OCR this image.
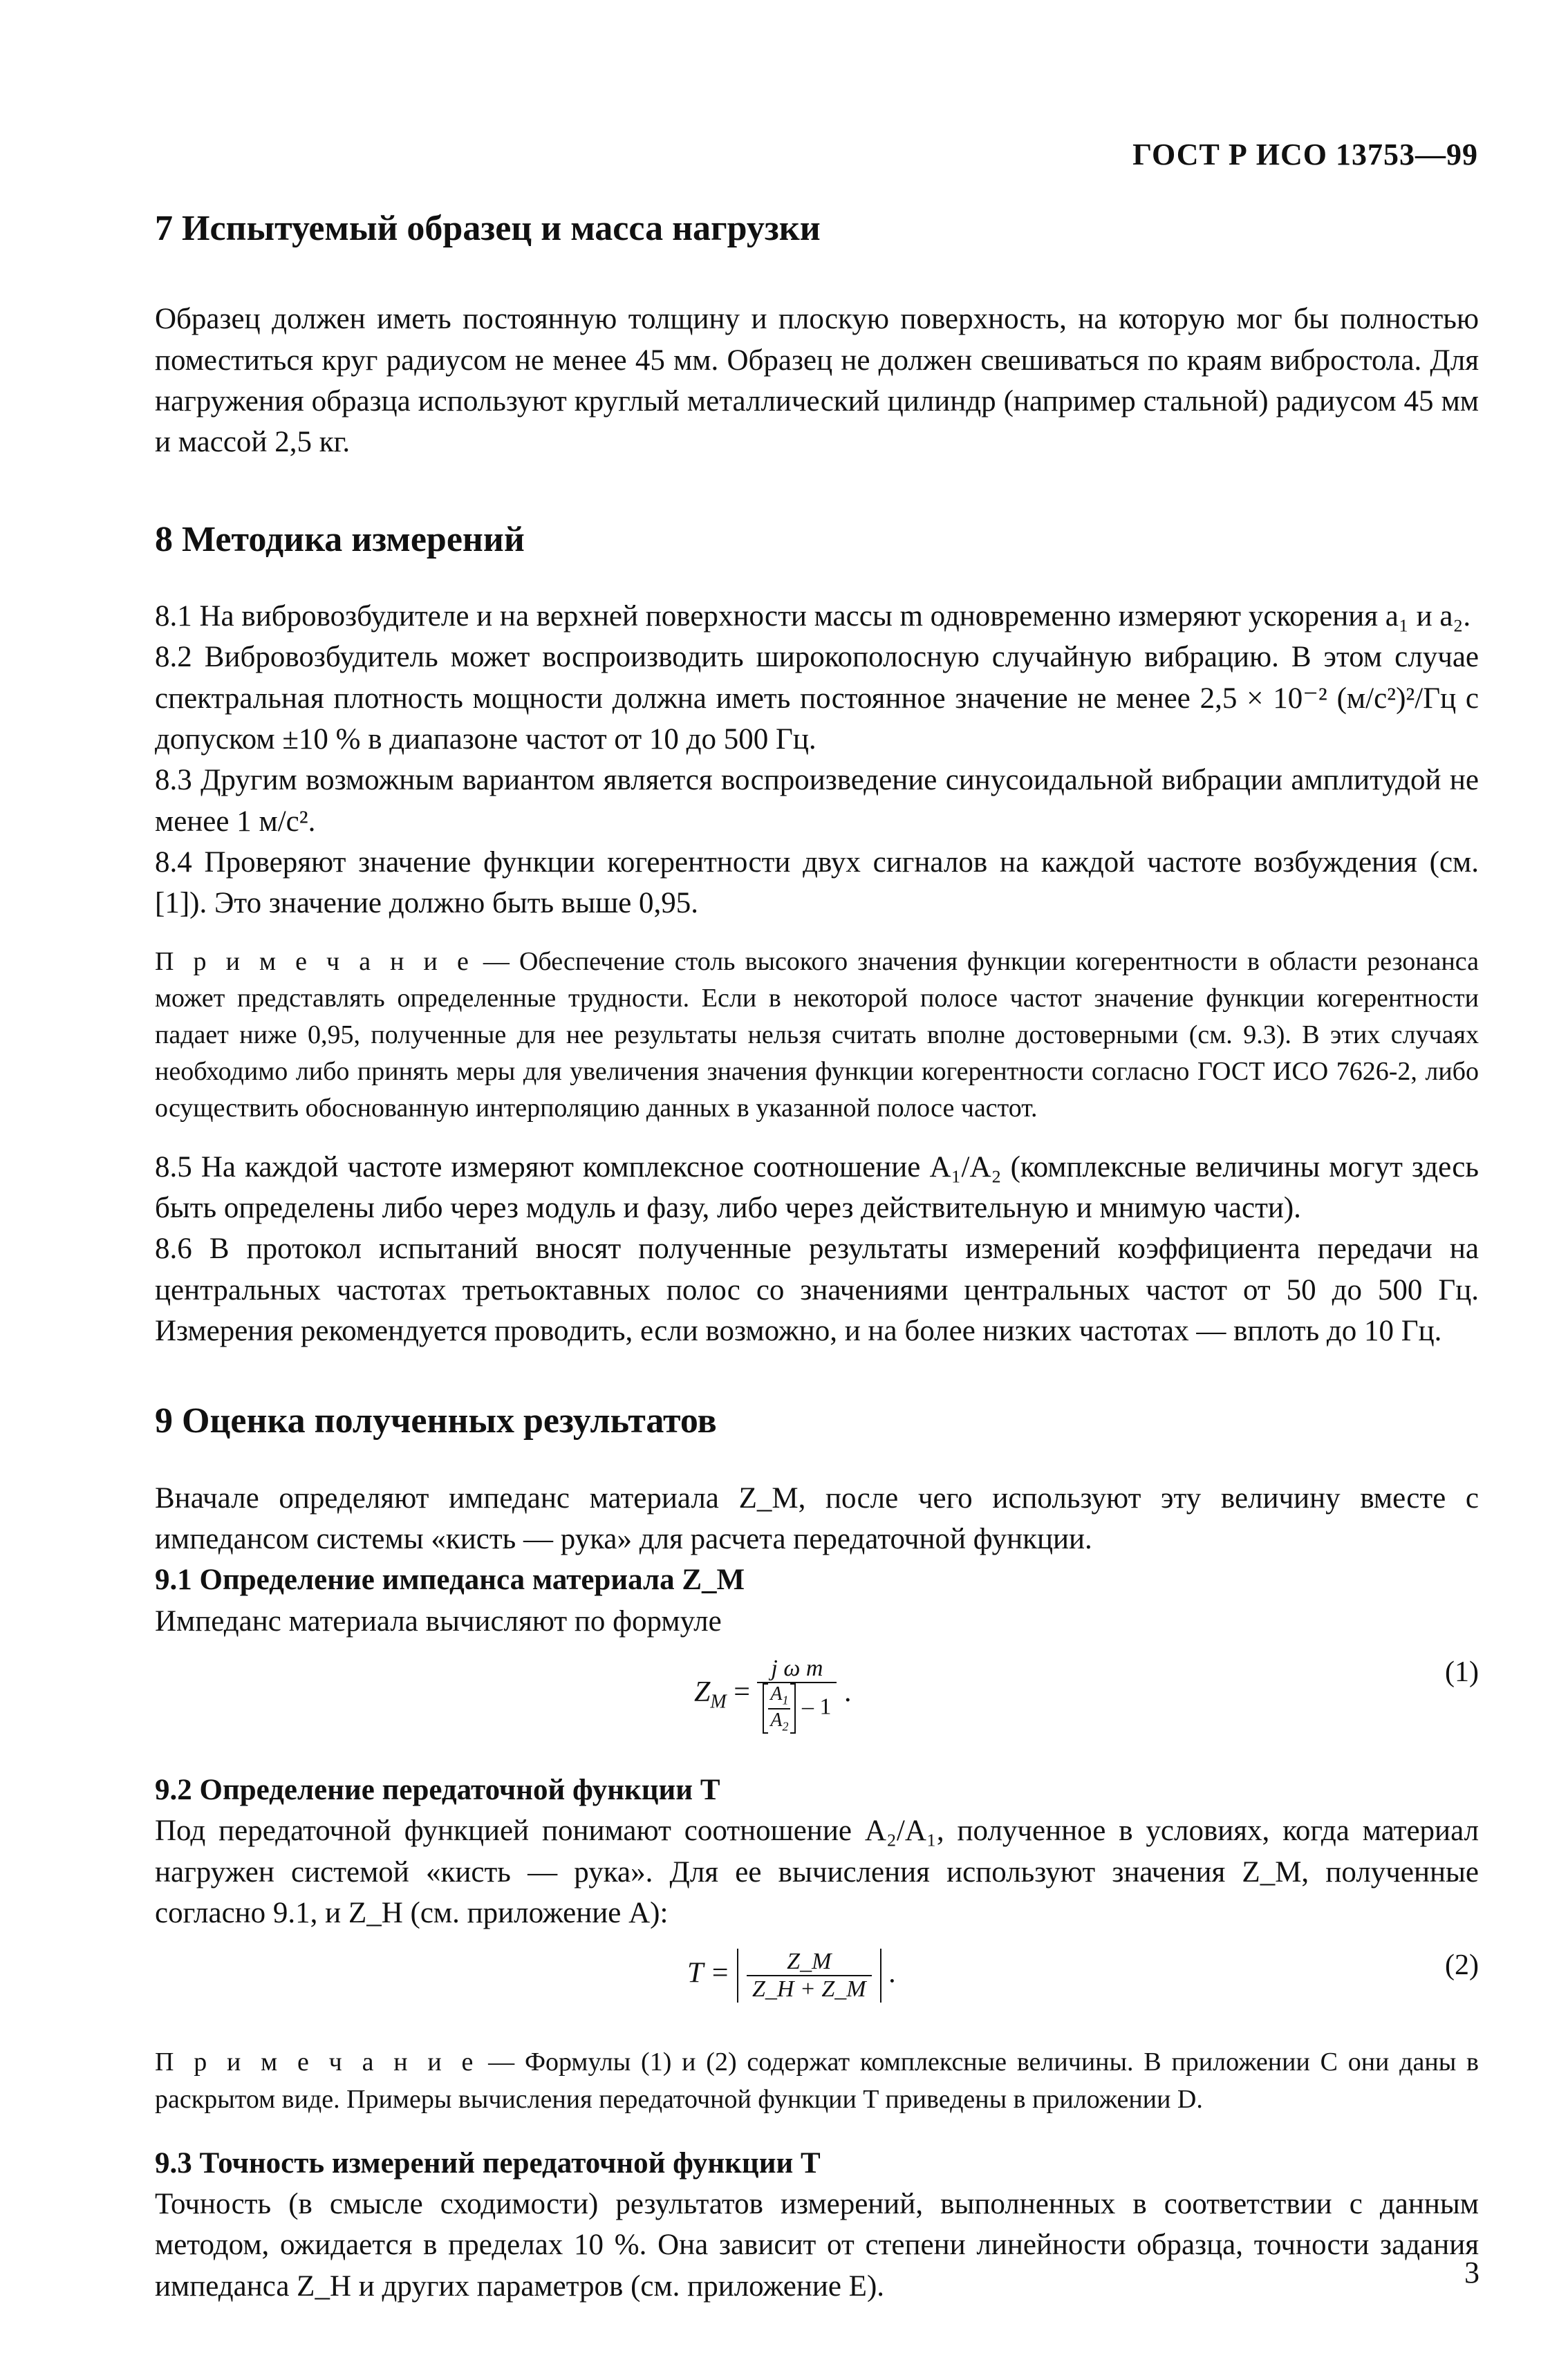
ГОСТ Р ИСО 13753—99
7 Испытуемый образец и масса нагрузки

Образец должен иметь постоянную толщину и плоскую поверхность, на которую мог бы полностью поместиться круг радиусом не менее 45 мм. Образец не должен свешиваться по краям вибростола. Для нагружения образца используют круглый металлический цилиндр (например стальной) радиусом 45 мм и массой 2,5 кг.

8 Методика измерений

8.1 На вибровозбудителе и на верхней поверхности массы m одновременно измеряют ускорения a₁ и a₂.

8.2 Вибровозбудитель может воспроизводить широкополосную случайную вибрацию. В этом случае спектральная плотность мощности должна иметь постоянное значение не менее 2,5 × 10⁻² (м/с²)²/Гц с допуском ±10 % в диапазоне частот от 10 до 500 Гц.

8.3 Другим возможным вариантом является воспроизведение синусоидальной вибрации амплитудой не менее 1 м/с².

8.4 Проверяют значение функции когерентности двух сигналов на каждой частоте возбуждения (см. [1]). Это значение должно быть выше 0,95.

П р и м е ч а н и е — Обеспечение столь высокого значения функции когерентности в области резонанса может представлять определенные трудности. Если в некоторой полосе частот значение функции когерентности падает ниже 0,95, полученные для нее результаты нельзя считать вполне достоверными (см. 9.3). В этих случаях необходимо либо принять меры для увеличения значения функции когерентности согласно ГОСТ ИСО 7626-2, либо осуществить обоснованную интерполяцию данных в указанной полосе частот.

8.5 На каждой частоте измеряют комплексное соотношение A₁/A₂ (комплексные величины могут здесь быть определены либо через модуль и фазу, либо через действительную и мнимую части).

8.6 В протокол испытаний вносят полученные результаты измерений коэффициента передачи на центральных частотах третьоктавных полос со значениями центральных частот от 50 до 500 Гц. Измерения рекомендуется проводить, если возможно, и на более низких частотах — вплоть до 10 Гц.

9 Оценка полученных результатов

Вначале определяют импеданс материала Z_M, после чего используют эту величину вместе с импедансом системы «кисть — рука» для расчета передаточной функции.

9.1 Определение импеданса материала Z_M

Импеданс материала вычисляют по формуле

$Z_M$ =
j ω m
$\frac{A_1}{A_2} - 1$ .
(1)

9.2 Определение передаточной функции T

Под передаточной функцией понимают соотношение A₂/A₁, полученное в условиях, когда материал нагружен системой «кисть — рука». Для ее вычисления используют значения Z_M, полученные согласно 9.1, и Z_H (см. приложение А):

$T = \frac{Z\_M}{Z\_H + Z\_M}$ .	(2)

П р и м е ч а н и е — Формулы (1) и (2) содержат комплексные величины. В приложении С они даны в раскрытом виде. Примеры вычисления передаточной функции T приведены в приложении D.

9.3 Точность измерений передаточной функции T

Точность (в смысле сходимости) результатов измерений, выполненных в соответствии с данным методом, ожидается в пределах 10 %. Она зависит от степени линейности образца, точности задания импеданса Z_H и других параметров (см. приложение Е).	3
